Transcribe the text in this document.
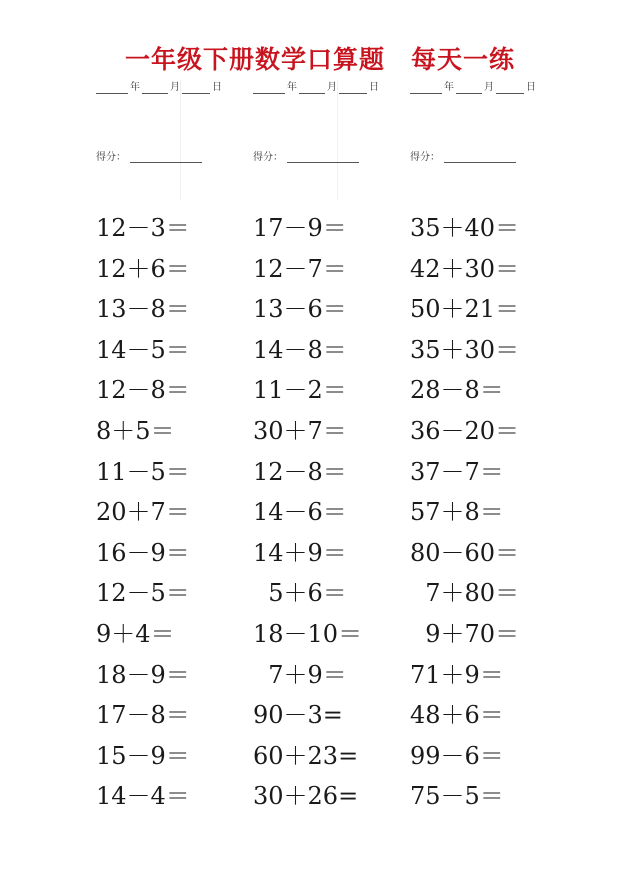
一年级下册数学口算题　每天一练
年	月	日
得分：
12－3＝
12＋6＝
13－8＝
14－5＝
12－8＝
8＋5＝
11－5＝
20＋7＝
16－9＝
12－5＝
9＋4＝
18－9＝
17－8＝
15－9＝
14－4＝
年	月	日
得分：
17－9＝
12－7＝
13－6＝
14－8＝
11－2＝
30＋7＝
12－8＝
14－6＝
14＋9＝
5＋6＝
18－10＝
7＋9＝
90－3=
60＋23=
30＋26=
年	月	日
得分：
35＋40＝
42＋30＝
50＋21＝
35＋30＝
28－8＝
36－20＝
37－7＝
57＋8＝
80－60＝
7＋80＝
9＋70＝
71＋9＝
48＋6＝
99－6＝
75－5＝
